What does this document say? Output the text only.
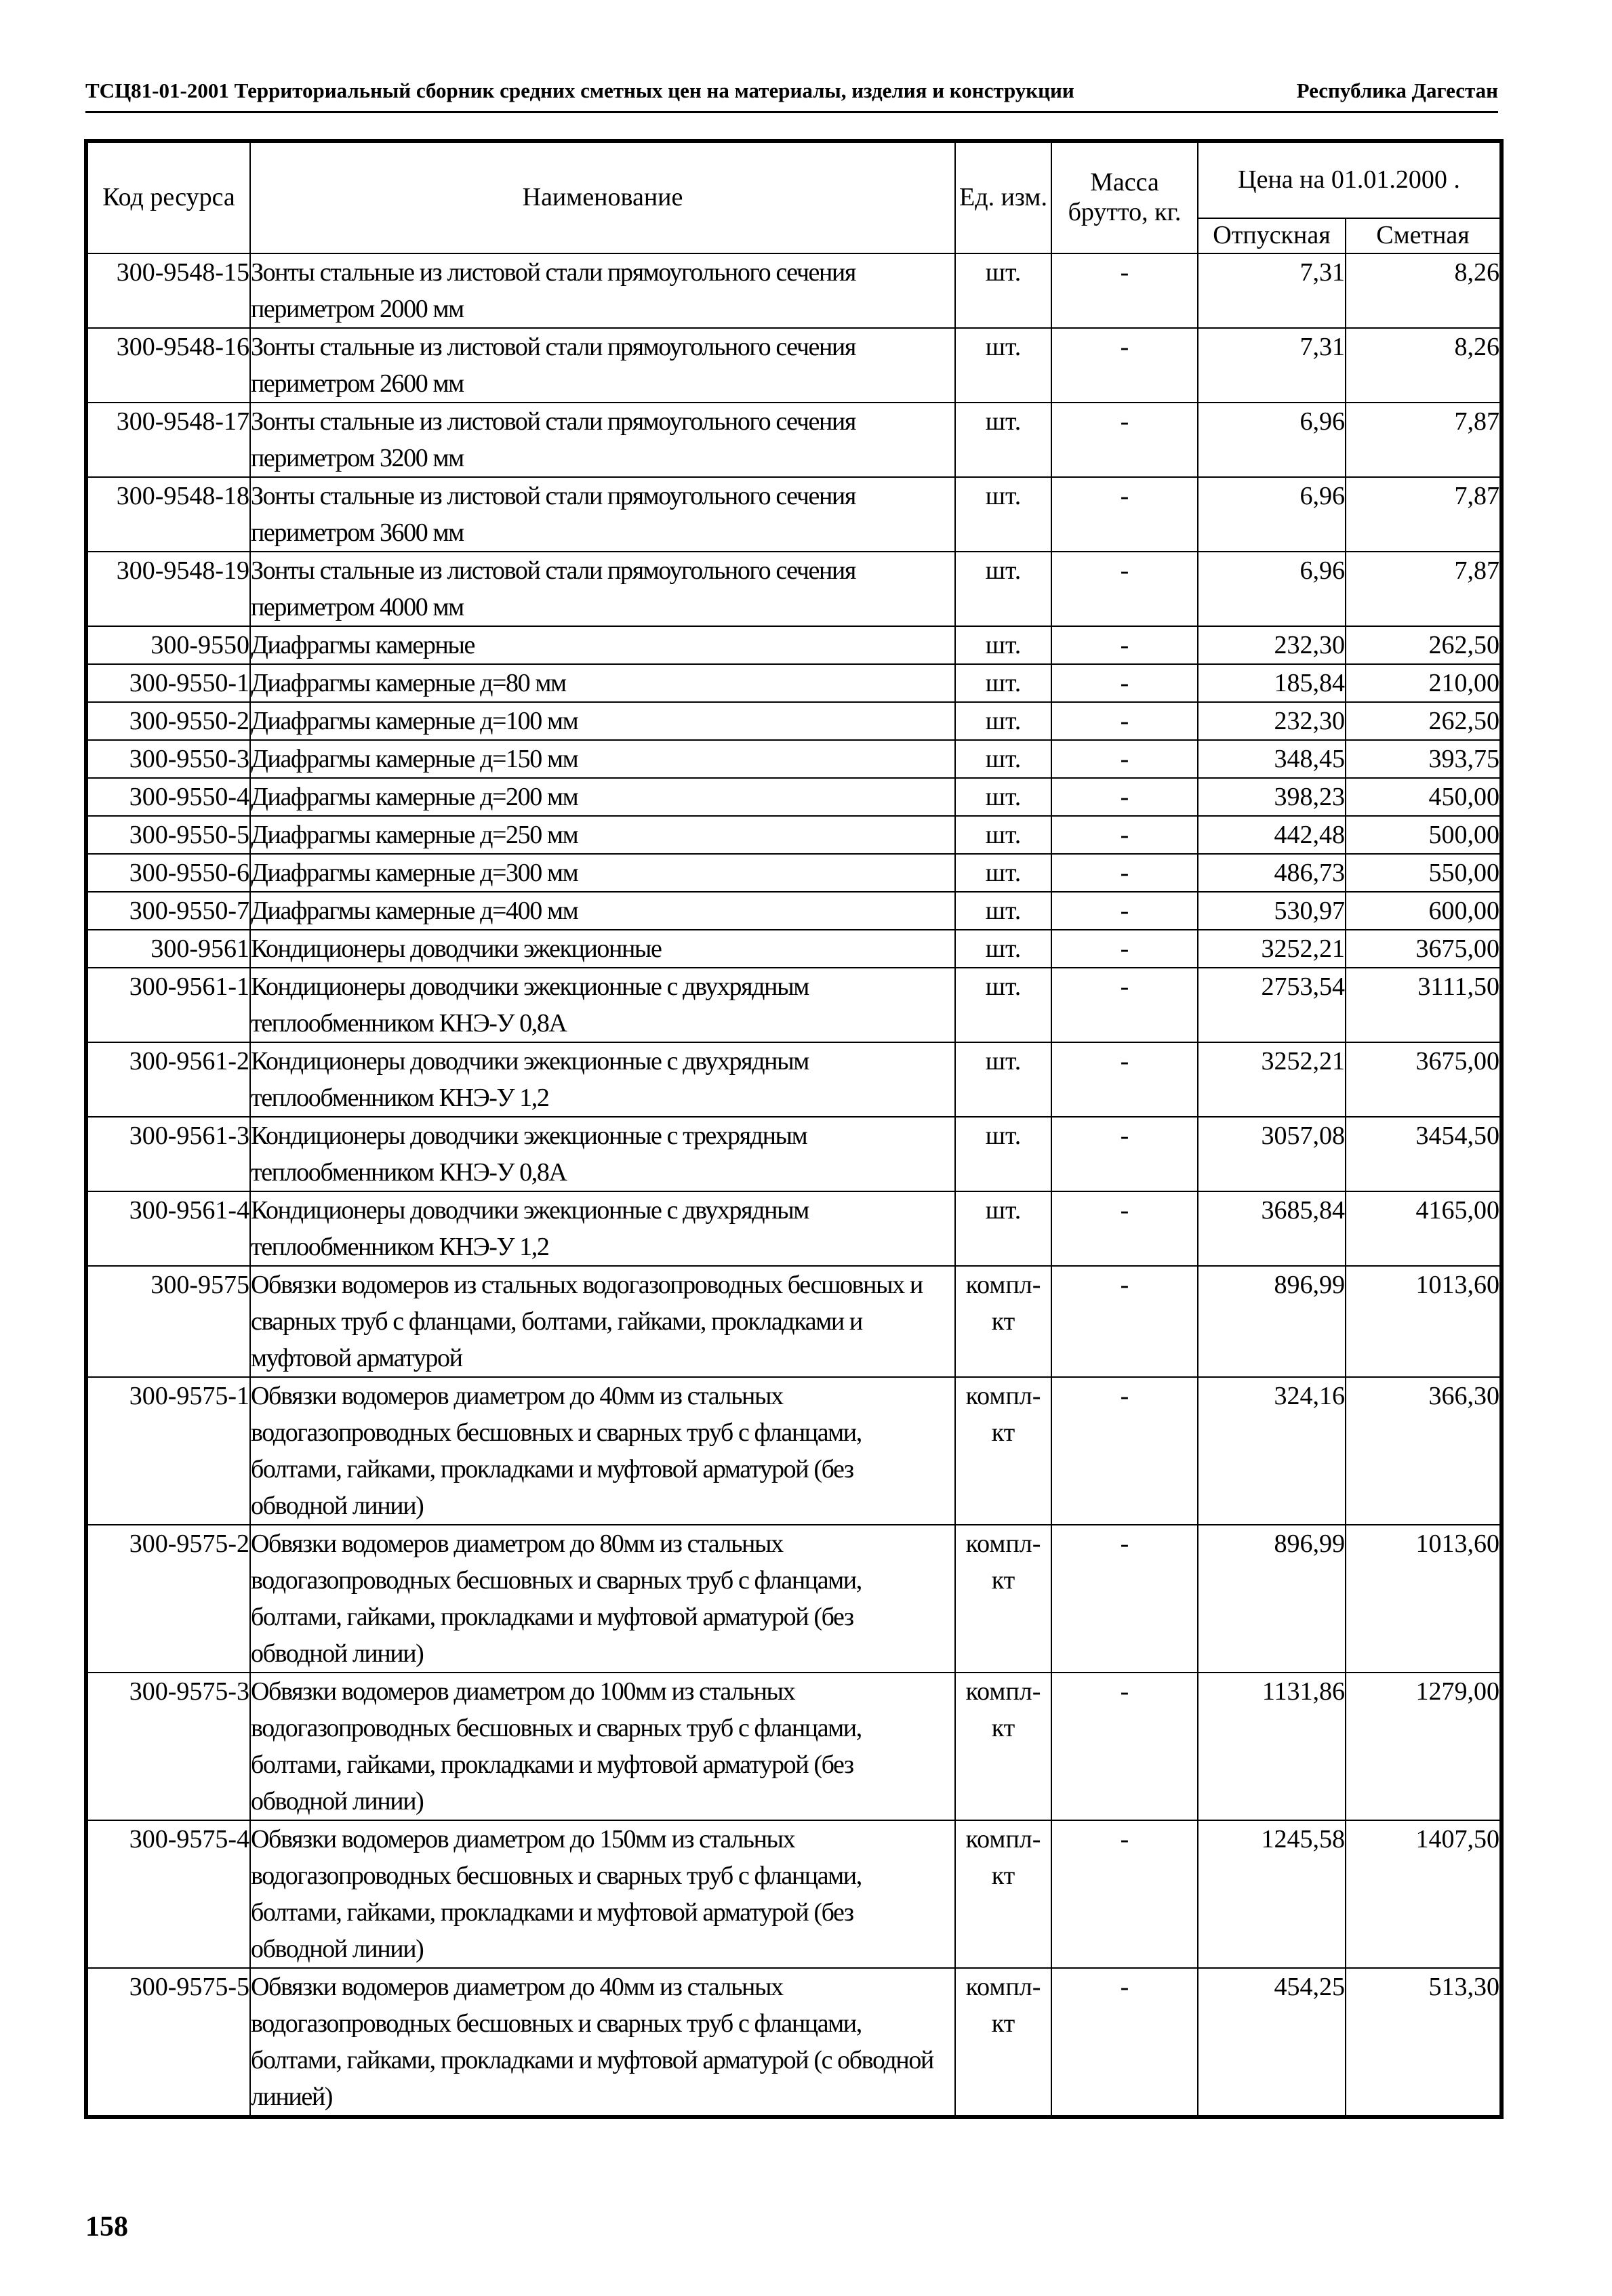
ТСЦ81-01-2001 Территориальный сборник средних сметных цен на материалы, изделия и конструкции	Республика Дагестан
Код ресурса	Наименование	Ед. изм.	Масса брутто, кг.	Цена на 01.01.2000 .	
				Отпускная	Сметная
300-9548-15	Зонты стальные из листовой стали прямоугольного сечения периметром 2000 мм	шт.	-	7,31	8,26
300-9548-16	Зонты стальные из листовой стали прямоугольного сечения периметром 2600 мм	шт.	-	7,31	8,26
300-9548-17	Зонты стальные из листовой стали прямоугольного сечения периметром 3200 мм	шт.	-	6,96	7,87
300-9548-18	Зонты стальные из листовой стали прямоугольного сечения периметром 3600 мм	шт.	-	6,96	7,87
300-9548-19	Зонты стальные из листовой стали прямоугольного сечения периметром 4000 мм	шт.	-	6,96	7,87
300-9550	Диафрагмы камерные	шт.	-	232,30	262,50
300-9550-1	Диафрагмы камерные д=80 мм	шт.	-	185,84	210,00
300-9550-2	Диафрагмы камерные д=100 мм	шт.	-	232,30	262,50
300-9550-3	Диафрагмы камерные д=150 мм	шт.	-	348,45	393,75
300-9550-4	Диафрагмы камерные д=200 мм	шт.	-	398,23	450,00
300-9550-5	Диафрагмы камерные д=250 мм	шт.	-	442,48	500,00
300-9550-6	Диафрагмы камерные д=300 мм	шт.	-	486,73	550,00
300-9550-7	Диафрагмы камерные д=400 мм	шт.	-	530,97	600,00
300-9561	Кондиционеры доводчики эжекционные	шт.	-	3252,21	3675,00
300-9561-1	Кондиционеры доводчики эжекционные с двухрядным теплообменником КНЭ-У 0,8А	шт.	-	2753,54	3111,50
300-9561-2	Кондиционеры доводчики эжекционные с двухрядным теплообменником КНЭ-У 1,2	шт.	-	3252,21	3675,00
300-9561-3	Кондиционеры доводчики эжекционные с трехрядным теплообменником КНЭ-У 0,8А	шт.	-	3057,08	3454,50
300-9561-4	Кондиционеры доводчики эжекционные с двухрядным теплообменником КНЭ-У 1,2	шт.	-	3685,84	4165,00
300-9575	Обвязки водомеров из стальных водогазопроводных бесшовных и сварных труб с фланцами, болтами, гайками, прокладками и муфтовой арматурой	компл-кт	-	896,99	1013,60
300-9575-1	Обвязки водомеров диаметром до 40мм из стальных водогазопроводных бесшовных и сварных труб с фланцами, болтами, гайками, прокладками и муфтовой арматурой (без обводной линии)	компл-кт	-	324,16	366,30
300-9575-2	Обвязки водомеров диаметром до 80мм из стальных водогазопроводных бесшовных и сварных труб с фланцами, болтами, гайками, прокладками и муфтовой арматурой (без обводной линии)	компл-кт	-	896,99	1013,60
300-9575-3	Обвязки водомеров диаметром до 100мм из стальных водогазопроводных бесшовных и сварных труб с фланцами, болтами, гайками, прокладками и муфтовой арматурой (без обводной линии)	компл-кт	-	1131,86	1279,00
300-9575-4	Обвязки водомеров диаметром до 150мм из стальных водогазопроводных бесшовных и сварных труб с фланцами, болтами, гайками, прокладками и муфтовой арматурой (без обводной линии)	компл-кт	-	1245,58	1407,50
300-9575-5	Обвязки водомеров диаметром до 40мм из стальных водогазопроводных бесшовных и сварных труб с фланцами, болтами, гайками, прокладками и муфтовой арматурой (с обводной линией)	компл-кт	-	454,25	513,30
158
